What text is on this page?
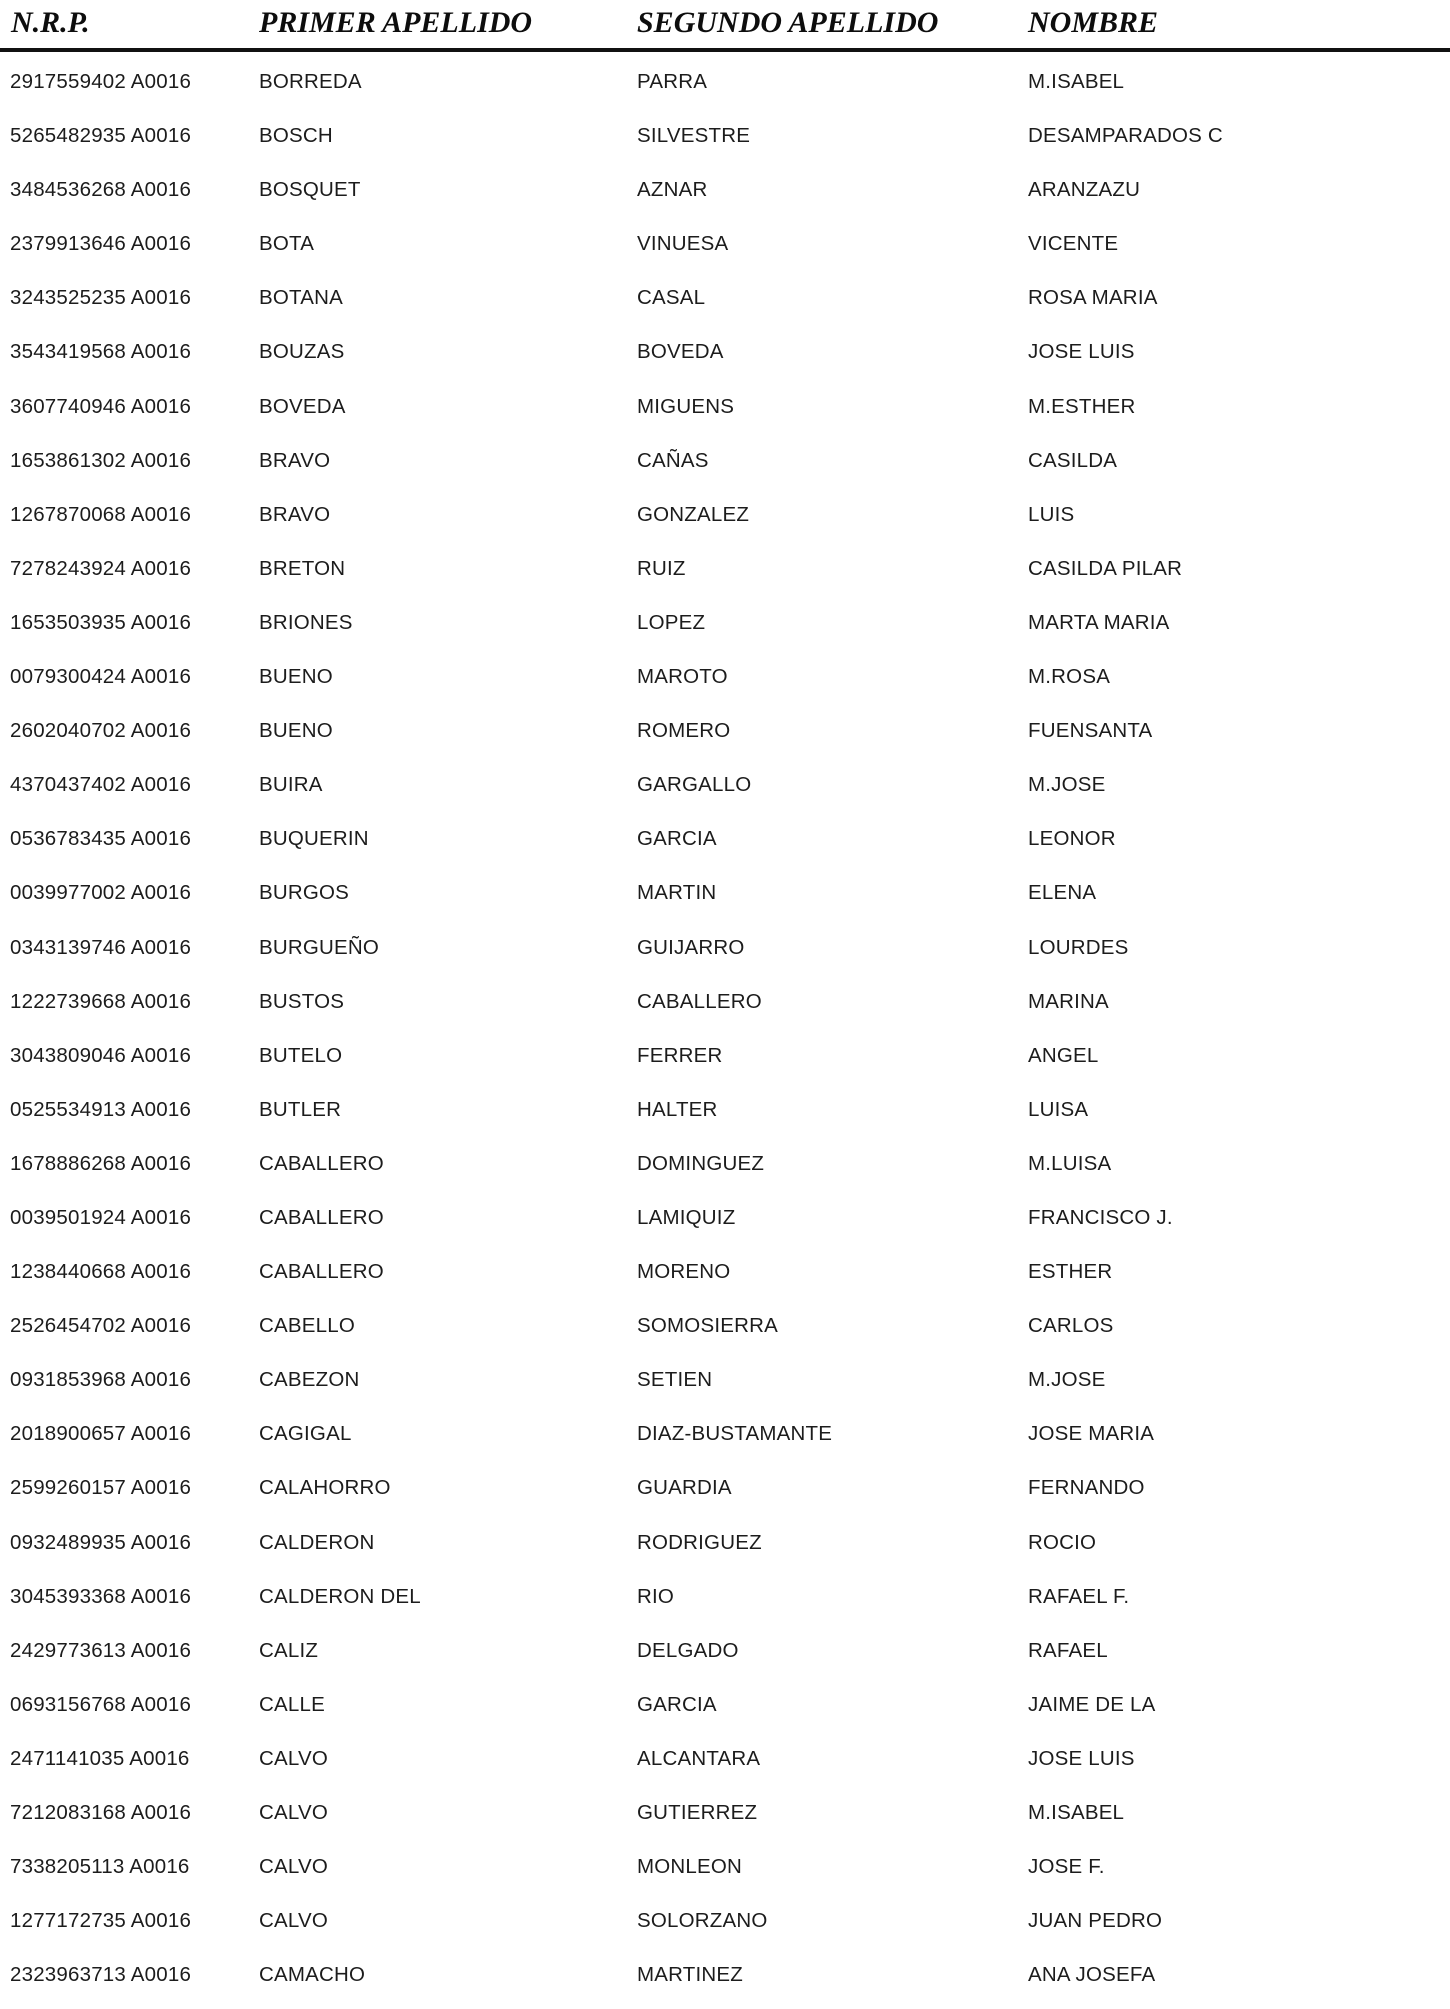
N.R.P.	PRIMER APELLIDO	SEGUNDO APELLIDO	NOMBRE
2917559402 A0016	BORREDA	PARRA	M.ISABEL
5265482935 A0016	BOSCH	SILVESTRE	DESAMPARADOS C
3484536268 A0016	BOSQUET	AZNAR	ARANZAZU
2379913646 A0016	BOTA	VINUESA	VICENTE
3243525235 A0016	BOTANA	CASAL	ROSA MARIA
3543419568 A0016	BOUZAS	BOVEDA	JOSE LUIS
3607740946 A0016	BOVEDA	MIGUENS	M.ESTHER
1653861302 A0016	BRAVO	CAÑAS	CASILDA
1267870068 A0016	BRAVO	GONZALEZ	LUIS
7278243924 A0016	BRETON	RUIZ	CASILDA PILAR
1653503935 A0016	BRIONES	LOPEZ	MARTA MARIA
0079300424 A0016	BUENO	MAROTO	M.ROSA
2602040702 A0016	BUENO	ROMERO	FUENSANTA
4370437402 A0016	BUIRA	GARGALLO	M.JOSE
0536783435 A0016	BUQUERIN	GARCIA	LEONOR
0039977002 A0016	BURGOS	MARTIN	ELENA
0343139746 A0016	BURGUEÑO	GUIJARRO	LOURDES
1222739668 A0016	BUSTOS	CABALLERO	MARINA
3043809046 A0016	BUTELO	FERRER	ANGEL
0525534913 A0016	BUTLER	HALTER	LUISA
1678886268 A0016	CABALLERO	DOMINGUEZ	M.LUISA
0039501924 A0016	CABALLERO	LAMIQUIZ	FRANCISCO J.
1238440668 A0016	CABALLERO	MORENO	ESTHER
2526454702 A0016	CABELLO	SOMOSIERRA	CARLOS
0931853968 A0016	CABEZON	SETIEN	M.JOSE
2018900657 A0016	CAGIGAL	DIAZ-BUSTAMANTE	JOSE MARIA
2599260157 A0016	CALAHORRO	GUARDIA	FERNANDO
0932489935 A0016	CALDERON	RODRIGUEZ	ROCIO
3045393368 A0016	CALDERON DEL	RIO	RAFAEL F.
2429773613 A0016	CALIZ	DELGADO	RAFAEL
0693156768 A0016	CALLE	GARCIA	JAIME DE LA
2471141035 A0016	CALVO	ALCANTARA	JOSE LUIS
7212083168 A0016	CALVO	GUTIERREZ	M.ISABEL
7338205113 A0016	CALVO	MONLEON	JOSE F.
1277172735 A0016	CALVO	SOLORZANO	JUAN PEDRO
2323963713 A0016	CAMACHO	MARTINEZ	ANA JOSEFA
